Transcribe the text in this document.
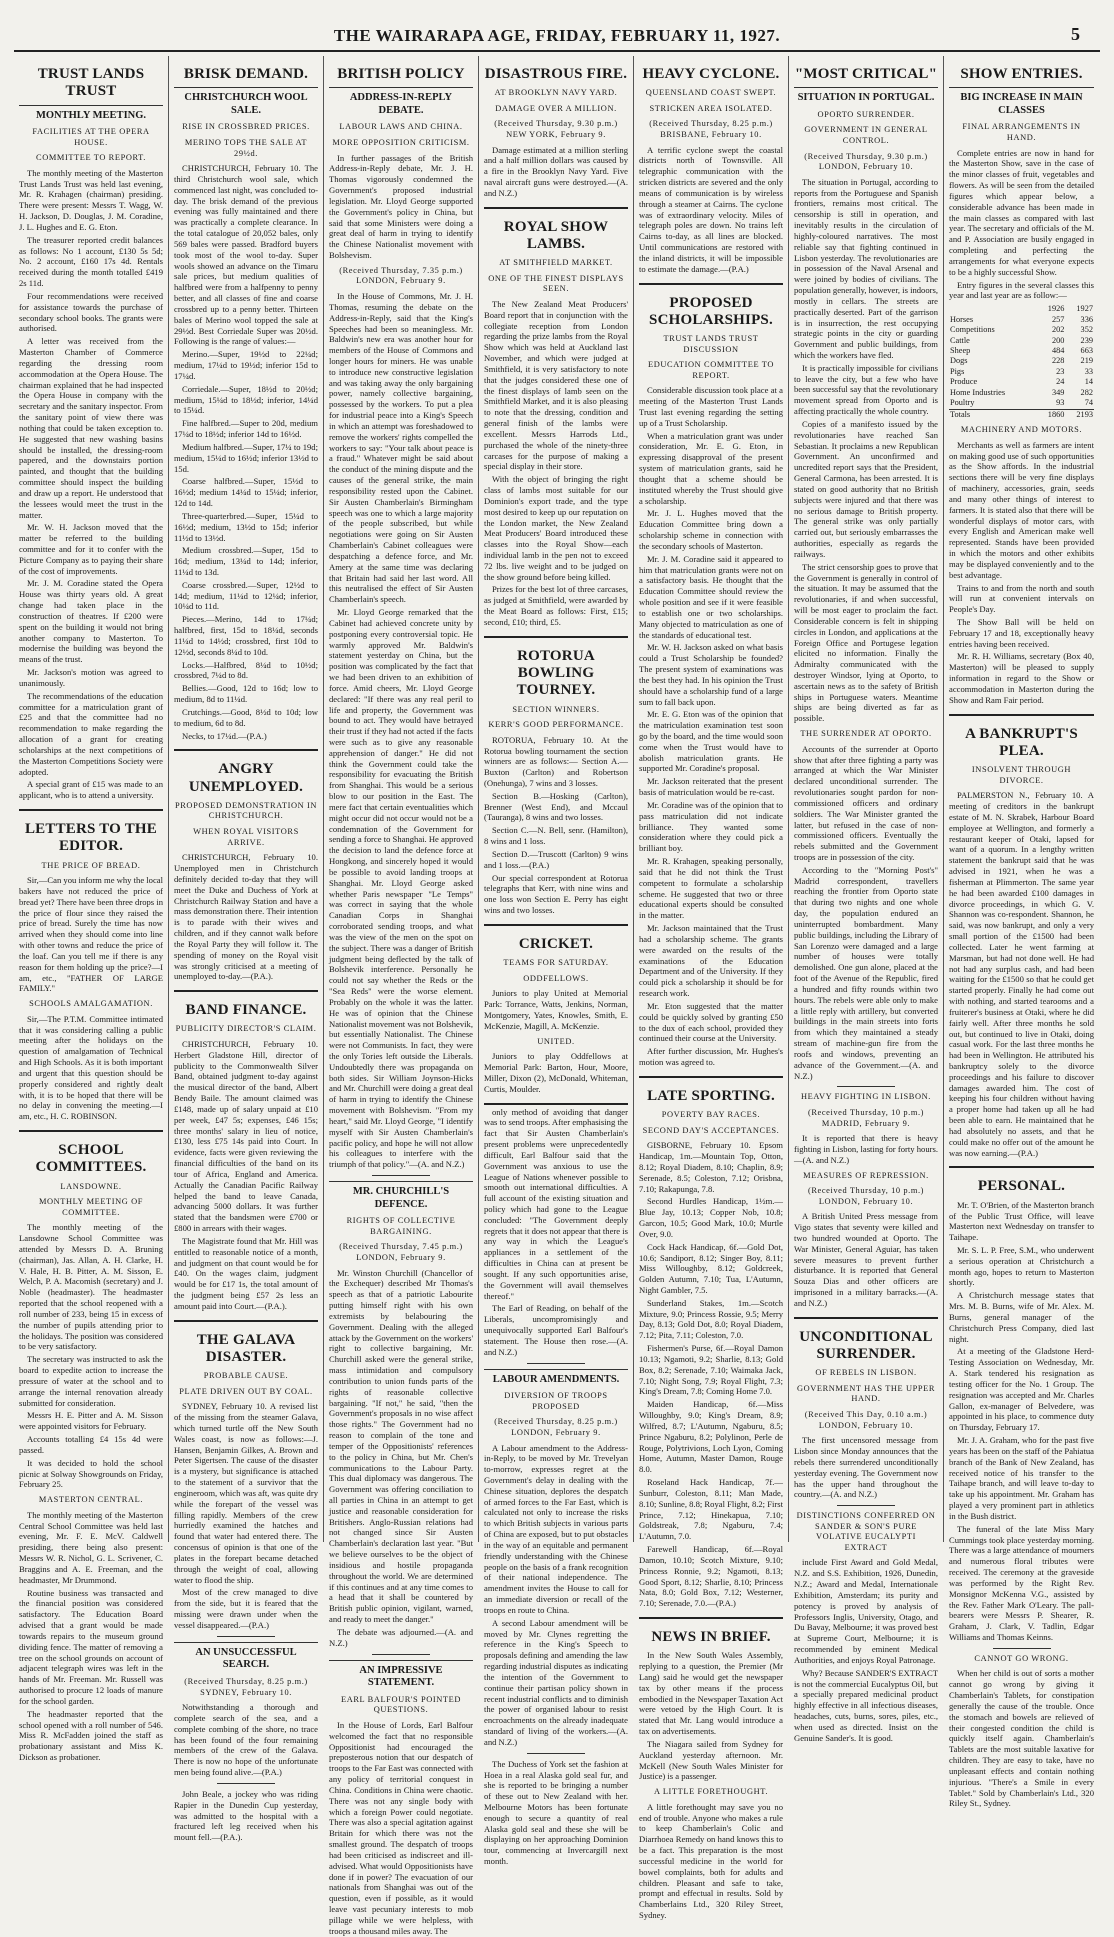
THE WAIRARAPA AGE, FRIDAY, FEBRUARY 11, 1927.	5
TRUST LANDS TRUST
MONTHLY MEETING.
FACILITIES AT THE OPERA HOUSE.
COMMITTEE TO REPORT.

The monthly meeting of the Masterton Trust Lands Trust was held last evening, Mr. R. Krahagen (chairman) presiding. There were present: Messrs T. Wagg, W. H. Jackson, D. Douglas, J. M. Coradine, J. L. Hughes and E. G. Eton.

The treasurer reported credit balances as follows: No 1 account, £130 5s 5d; No. 2 account, £160 17s 4d. Rentals received during the month totalled £419 2s 11d.

Four recommendations were received for assistance towards the purchase of secondary school books. The grants were authorised.

A letter was received from the Masterton Chamber of Commerce regarding the dressing room accommodation at the Opera House. The chairman explained that he had inspected the Opera House in company with the secretary and the sanitary inspector. From the sanitary point of view there was nothing that could be taken exception to. He suggested that new washing basins should be installed, the dressing-room papered, and the downstairs portion painted, and thought that the building committee should inspect the building and draw up a report. He understood that the lessees would meet the trust in the matter.

Mr. W. H. Jackson moved that the matter be referred to the building committee and for it to confer with the Picture Company as to paying their share of the cost of improvements.

Mr. J. M. Coradine stated the Opera House was thirty years old. A great change had taken place in the construction of theatres. If £200 were spent on the building it would not bring another company to Masterton. To modernise the building was beyond the means of the trust.

Mr. Jackson's motion was agreed to unanimously.

The recommendations of the education committee for a matriculation grant of £25 and that the committee had no recommendation to make regarding the allocation of a grant for creating scholarships at the next competitions of the Masterton Competitions Society were adopted.

A special grant of £15 was made to an applicant, who is to attend a university.

LETTERS TO THE EDITOR.
THE PRICE OF BREAD.

Sir,—Can you inform me why the local bakers have not reduced the price of bread yet? There have been three drops in the price of flour since they raised the price of bread. Surely the time has now arrived when they should come into line with other towns and reduce the price of the loaf. Can you tell me if there is any reason for them holding up the price?—I am, etc., "FATHER OF LARGE FAMILY."

SCHOOLS AMALGAMATION.

Sir,—The P.T.M. Committee intimated that it was considering calling a public meeting after the holidays on the question of amalgamation of Technical and High Schools. As it is both important and urgent that this question should be properly considered and rightly dealt with, it is to be hoped that there will be no delay in convening the meeting.—I am, etc., H. C. ROBINSON.

SCHOOL COMMITTEES.
LANSDOWNE.
MONTHLY MEETING OF COMMITTEE.

The monthly meeting of the Lansdowne School Committee was attended by Messrs D. A. Bruning (chairman), Jas. Allan, A. H. Clarke, H. V. Hale, H. B. Pitter, A. M. Sisson, E. Welch, P. A. Macomish (secretary) and J. Noble (headmaster). The headmaster reported that the school reopened with a roll number of 233, being 15 in excess of the number of pupils attending prior to the holidays. The position was considered to be very satisfactory.

The secretary was instructed to ask the board to expedite action to increase the pressure of water at the school and to arrange the internal renovation already submitted for consideration.

Messrs H. E. Pitter and A. M. Sisson were appointed visitors for February.

Accounts totalling £4 15s 4d were passed.

It was decided to hold the school picnic at Solway Showgrounds on Friday, February 25.

MASTERTON CENTRAL.

The monthly meeting of the Masterton Central School Committee was held last evening, Mr. F. E. McV. Caldwell presiding, there being also present: Messrs W. R. Nichol, G. L. Scrivener, C. Braggins and A. E. Freeman, and the headmaster, Mr Drummond.

Routine business was transacted and the financial position was considered satisfactory. The Education Board advised that a grant would be made towards repairs to the museum ground dividing fence. The matter of removing a tree on the school grounds on account of adjacent telegraph wires was left in the hands of Mr. Freeman. Mr. Russell was authorised to procure 12 loads of manure for the school garden.

The headmaster reported that the school opened with a roll number of 546. Miss R. McFadden joined the staff as probationary assistant and Miss K. Dickson as probationer.

BRISK DEMAND.
CHRISTCHURCH WOOL SALE.
RISE IN CROSSBRED PRICES.
MERINO TOPS THE SALE AT 29½d.

CHRISTCHURCH, February 10. The third Christchurch wool sale, which commenced last night, was concluded to-day. The brisk demand of the previous evening was fully maintained and there was practically a complete clearance. In the total catalogue of 20,052 bales, only 569 bales were passed. Bradford buyers took most of the wool to-day. Super wools showed an advance on the Timaru sale prices, but medium qualities of halfbred were from a halfpenny to penny better, and all classes of fine and coarse crossbred up to a penny better. Thirteen bales of Merino wool topped the sale at 29½d. Best Corriedale Super was 20½d. Following is the range of values:—

Merino.—Super, 19½d to 22¼d; medium, 17¼d to 19½d; inferior 15d to 17¼d.

Corriedale.—Super, 18½d to 20½d; medium, 15¼d to 18½d; inferior, 14¼d to 15¼d.

Fine halfbred.—Super to 20d, medium 17¼d to 18½d; inferior 14d to 16½d.

Medium halfbred.—Super, 17¼ to 19d; medium, 15¼d to 16½d; inferior 13½d to 15d.

Coarse halfbred.—Super, 15½d to 16½d; medium 14¼d to 15¼d; inferior, 12d to 14d.

Three-quarterbred.—Super, 15¼d to 16½d; medium, 13½d to 15d; inferior 11½d to 13½d.

Medium crossbred.—Super, 15d to 16d; medium, 13¼d to 14d; inferior, 11¼d to 13d.

Coarse crossbred.—Super, 12½d to 14d; medium, 11¼d to 12¼d; inferior, 10¼d to 11d.

Pieces.—Merino, 14d to 17¼d; halfbred, first, 15d to 18¼d, seconds 11¼d to 14½d; crossbred, first 10d to 12½d, seconds 8¼d to 10d.

Locks.—Halfbred, 8¼d to 10½d; crossbred, 7¼d to 8d.

Bellies.—Good, 12d to 16d; low to medium, 8d to 11¼d.

Crutchings.—Good, 8½d to 10d; low to medium, 6d to 8d.

Necks, to 17¼d.—(P.A.)

ANGRY UNEMPLOYED.
PROPOSED DEMONSTRATION IN CHRISTCHURCH.
WHEN ROYAL VISITORS ARRIVE.

CHRISTCHURCH, February 10. Unemployed men in Christchurch definitely decided to-day that they will meet the Duke and Duchess of York at Christchurch Railway Station and have a mass demonstration there. Their intention is to parade with their wives and children, and if they cannot walk before the Royal Party they will follow it. The spending of money on the Royal visit was strongly criticised at a meeting of unemployed to-day.—(P.A.).

BAND FINANCE.
PUBLICITY DIRECTOR'S CLAIM.

CHRISTCHURCH, February 10. Herbert Gladstone Hill, director of publicity to the Commonwealth Silver Band, obtained judgment to-day against the musical director of the band, Albert Bendy Baile. The amount claimed was £148, made up of salary unpaid at £10 per week, £47 5s; expenses, £46 15s; three months' salary in lieu of notice, £130, less £75 14s paid into Court. In evidence, facts were given reviewing the financial difficulties of the band on its tour of Africa, England and America. Actually the Canadian Pacific Railway helped the band to leave Canada, advancing 5000 dollars. It was further stated that the bandsmen were £700 or £800 in arrears with their wages.

The Magistrate found that Mr. Hill was entitled to reasonable notice of a month, and judgment on that count would be for £40. On the wages claim, judgment would be for £17 1s, the total amount of the judgment being £57 2s less an amount paid into Court.—(P.A.).

THE GALAVA DISASTER.
PROBABLE CAUSE.
PLATE DRIVEN OUT BY COAL.

SYDNEY, February 10. A revised list of the missing from the steamer Galava, which turned turtle off the New South Wales coast, is now as follows:—J. Hansen, Benjamin Gilkes, A. Brown and Peter Sigertsen. The cause of the disaster is a mystery, but significance is attached to the statement of a survivor that the engineroom, which was aft, was quite dry while the forepart of the vessel was filling rapidly. Members of the crew hurriedly examined the hatches and found that water had entered there. The concensus of opinion is that one of the plates in the forepart became detached through the weight of coal, allowing water to flood the ship.

Most of the crew managed to dive from the side, but it is feared that the missing were drawn under when the vessel disappeared.—(P.A.)

AN UNSUCCESSFUL SEARCH.
(Received Thursday, 8.25 p.m.) SYDNEY, February 10.

Notwithstanding a thorough and complete search of the sea, and a complete combing of the shore, no trace has been found of the four remaining members of the crew of the Galava. There is now no hope of the unfortunate men being found alive.—(P.A.)

John Beale, a jockey who was riding Rapier in the Dunedin Cup yesterday, was admitted to the hospital with a fractured left leg received when his mount fell.—(P.A.).

BRITISH POLICY
ADDRESS-IN-REPLY DEBATE.
LABOUR LAWS AND CHINA.
MORE OPPOSITION CRITICISM.

In further passages of the British Address-in-Reply debate, Mr. J. H. Thomas vigorously condemned the Government's proposed industrial legislation. Mr. Lloyd George supported the Government's policy in China, but said that some Ministers were doing a great deal of harm in trying to identify the Chinese Nationalist movement with Bolshevism.

(Received Thursday, 7.35 p.m.) LONDON, February 9.

In the House of Commons, Mr. J. H. Thomas, resuming the debate on the Address-in-Reply, said that the King's Speeches had been so meaningless. Mr. Baldwin's new era was another hour for members of the House of Commons and longer hours for miners. He was unable to introduce new constructive legislation and was taking away the only bargaining power, namely collective bargaining, possessed by the workers. To put a plea for industrial peace into a King's Speech in which an attempt was foreshadowed to remove the workers' rights compelled the workers to say: "Your talk about peace is a fraud." Whatever might be said about the conduct of the mining dispute and the causes of the general strike, the main responsibility rested upon the Cabinet. Sir Austen Chamberlain's Birmingham speech was one to which a large majority of the people subscribed, but while negotiations were going on Sir Austen Chamberlain's Cabinet colleagues were despatching a defence force, and Mr. Amery at the same time was declaring that Britain had said her last word. All this neutralised the effect of Sir Austen Chamberlain's speech.

Mr. Lloyd George remarked that the Cabinet had achieved concrete unity by postponing every controversial topic. He warmly approved Mr. Baldwin's statement yesterday on China, but the position was complicated by the fact that we had been driven to an exhibition of force. Amid cheers, Mr. Lloyd George declared: "If there was any real peril to life and property, the Government was bound to act. They would have betrayed their trust if they had not acted if the facts were such as to give any reasonable apprehension of danger." He did not think the Government could take the responsibility for evacuating the British from Shanghai. This would be a serious blow to our position in the East. The mere fact that certain eventualities which might occur did not occur would not be a condemnation of the Government for sending a force to Shanghai. He approved the decision to land the defence force at Hongkong, and sincerely hoped it would be possible to avoid landing troops at Shanghai. Mr. Lloyd George asked whether Paris newspaper "Le Temps" was correct in saying that the whole Canadian Corps in Shanghai corroborated sending troops, and what was the view of the men on the spot on the subject. There was a danger of British judgment being deflected by the talk of Bolshevik interference. Personally he could not say whether the Reds or the "Sea Reds" were the worse element. Probably on the whole it was the latter. He was of opinion that the Chinese Nationalist movement was not Bolshevik, but essentially Nationalist. The Chinese were not Communists. In fact, they were the only Tories left outside the Liberals. Undoubtedly there was propaganda on both sides. Sir William Joynson-Hicks and Mr. Churchill were doing a great deal of harm in trying to identify the Chinese movement with Bolshevism. "From my heart," said Mr. Lloyd George, "I identify myself with Sir Austen Chamberlain's pacific policy, and hope he will not allow his colleagues to interfere with the triumph of that policy."—(A. and N.Z.)

MR. CHURCHILL'S DEFENCE.
RIGHTS OF COLLECTIVE BARGAINING.
(Received Thursday, 7.45 p.m.) LONDON, February 9.

Mr. Winston Churchill (Chancellor of the Exchequer) described Mr Thomas's speech as that of a patriotic Labourite putting himself right with his own extremists by belabouring the Government. Dealing with the alleged attack by the Government on the workers' right to collective bargaining, Mr. Churchill asked were the general strike, mass intimidation and compulsory contribution to union funds parts of the rights of reasonable collective bargaining. "If not," he said, "then the Government's proposals in no wise affect those rights." The Government had no reason to complain of the tone and temper of the Oppositionists' references to the policy in China, but Mr. Chen's communications to the Labour Party. This dual diplomacy was dangerous. The Government was offering conciliation to all parties in China in an attempt to get justice and reasonable consideration for Britishers. Anglo-Russian relations had not changed since Sir Austen Chamberlain's declaration last year. "But we believe ourselves to be the object of insidious and hostile propaganda throughout the world. We are determined if this continues and at any time comes to a head that it shall be countered by British public opinion, vigilant, warned, and ready to meet the danger."

The debate was adjourned.—(A. and N.Z.)

AN IMPRESSIVE STATEMENT.
EARL BALFOUR'S POINTED QUESTIONS.

In the House of Lords, Earl Balfour welcomed the fact that no responsible Oppositionist had encouraged the preposterous notion that our despatch of troops to the Far East was connected with any policy of territorial conquest in China. Conditions in China were chaotic. There was not any single body with which a foreign Power could negotiate. There was also a special agitation against Britain for which there was not the smallest ground. The despatch of troops had been criticised as indiscreet and ill-advised. What would Oppositionists have done if in power? The evacuation of our nationals from Shanghai was out of the question, even if possible, as it would leave vast pecuniary interests to mob pillage while we were helpless, with troops a thousand miles away. The

DISASTROUS FIRE.
AT BROOKLYN NAVY YARD.
DAMAGE OVER A MILLION.
(Received Thursday, 9.30 p.m.) NEW YORK, February 9.

Damage estimated at a million sterling and a half million dollars was caused by a fire in the Brooklyn Navy Yard. Five naval aircraft guns were destroyed.—(A. and N.Z.)

ROYAL SHOW LAMBS.
AT SMITHFIELD MARKET.
ONE OF THE FINEST DISPLAYS SEEN.

The New Zealand Meat Producers' Board report that in conjunction with the collegiate reception from London regarding the prize lambs from the Royal Show which was held at Auckland last November, and which were judged at Smithfield, it is very satisfactory to note that the judges considered these one of the finest displays of lamb seen on the Smithfield Market, and it is also pleasing to note that the dressing, condition and general finish of the lambs were excellent. Messrs Harrods Ltd., purchased the whole of the ninety-three carcases for the purpose of making a special display in their store.

With the object of bringing the right class of lambs most suitable for our Dominion's export trade, and the type most desired to keep up our reputation on the London market, the New Zealand Meat Producers' Board introduced these classes into the Royal Show—each individual lamb in the pen not to exceed 72 lbs. live weight and to be judged on the show ground before being killed.

Prizes for the best lot of three carcases, as judged at Smithfield, were awarded by the Meat Board as follows: First, £15; second, £10; third, £5.

ROTORUA BOWLING TOURNEY.
SECTION WINNERS.
KERR'S GOOD PERFORMANCE.

ROTORUA, February 10. At the Rotorua bowling tournament the section winners are as follows:— Section A.—Buxton (Carlton) and Robertson (Onehunga), 7 wins and 3 losses.

Section B.—Hosking (Carlton), Brenner (West End), and Mccaul (Tauranga), 8 wins and two losses.

Section C.—N. Bell, senr. (Hamilton), 8 wins and 1 loss.

Section D.—Truscott (Carlton) 9 wins and 1 loss.—(P.A.)

Our special correspondent at Rotorua telegraphs that Kerr, with nine wins and one loss won Section E. Perry has eight wins and two losses.

CRICKET.
TEAMS FOR SATURDAY.
ODDFELLOWS.

Juniors to play United at Memorial Park: Torrance, Watts, Jenkins, Norman, Montgomery, Yates, Knowles, Smith, E. McKenzie, Magill, A. McKenzie.

UNITED.

Juniors to play Oddfellows at Memorial Park: Barton, Hour, Moore, Miller, Dixon (2), McDonald, Whiteman, Curtis, Moulder.

only method of avoiding that danger was to send troops. After emphasising the fact that Sir Austen Chamberlain's present problems were unprecedentedly difficult, Earl Balfour said that the Government was anxious to use the League of Nations whenever possible to smooth out international difficulties. A full account of the existing situation and policy which had gone to the League concluded: "The Government deeply regrets that it does not appear that there is any way in which the League's appliances in a settlement of the difficulties in China can at present be sought. If any such opportunities arise, the Government will avail themselves thereof."

The Earl of Reading, on behalf of the Liberals, uncompromisingly and unequivocally supported Earl Balfour's statement. The House then rose.—(A. and N.Z.)

LABOUR AMENDMENTS.
DIVERSION OF TROOPS PROPOSED
(Received Thursday, 8.25 p.m.) LONDON, February 9.

A Labour amendment to the Address-in-Reply, to be moved by Mr. Trevelyan to-morrow, expresses regret at the Government's delay in dealing with the Chinese situation, deplores the despatch of armed forces to the Far East, which is calculated not only to increase the risks to which British subjects in various parts of China are exposed, but to put obstacles in the way of an equitable and permanent friendly understanding with the Chinese people on the basis of a frank recognition of their national independence. The amendment invites the House to call for an immediate diversion or recall of the troops en route to China.

A second Labour amendment will be moved by Mr. Clynes regretting the reference in the King's Speech to proposals defining and amending the law regarding industrial disputes as indicating the intention of the Government to continue their partisan policy shown in recent industrial conflicts and to diminish the power of organised labour to resist encroachments on the already inadequate standard of living of the workers.—(A. and N.Z.)

The Duchess of York set the fashion at Hoea in a real Alaska gold seal fur, and she is reported to be bringing a number of these out to New Zealand with her. Melbourne Motors has been fortunate enough to secure a quantity of real Alaska gold seal and these she will be displaying on her approaching Dominion tour, commencing at Invercargill next month.

HEAVY CYCLONE.
QUEENSLAND COAST SWEPT.
STRICKEN AREA ISOLATED.
(Received Thursday, 8.25 p.m.) BRISBANE, February 10.

A terrific cyclone swept the coastal districts north of Townsville. All telegraphic communication with the stricken districts are severed and the only means of communication is by wireless through a steamer at Cairns. The cyclone was of extraordinary velocity. Miles of telegraph poles are down. No trains left Cairns to-day, as all lines are blocked. Until communications are restored with the inland districts, it will be impossible to estimate the damage.—(P.A.)

PROPOSED SCHOLARSHIPS.
TRUST LANDS TRUST DISCUSSION
EDUCATION COMMITTEE TO REPORT.

Considerable discussion took place at a meeting of the Masterton Trust Lands Trust last evening regarding the setting up of a Trust Scholarship.

When a matriculation grant was under consideration, Mr. E. G. Eton, in expressing disapproval of the present system of matriculation grants, said he thought that a scheme should be instituted whereby the Trust should give a scholarship.

Mr. J. L. Hughes moved that the Education Committee bring down a scholarship scheme in connection with the secondary schools of Masterton.

Mr. J. M. Coradine said it appeared to him that matriculation grants were not on a satisfactory basis. He thought that the Education Committee should review the whole position and see if it were feasible to establish one or two scholarships. Many objected to matriculation as one of the standards of educational test.

Mr. W. H. Jackson asked on what basis could a Trust Scholarship be founded? The present system of examinations was the best they had. In his opinion the Trust should have a scholarship fund of a large sum to fall back upon.

Mr. E. G. Eton was of the opinion that the matriculation examination test soon go by the board, and the time would soon come when the Trust would have to abolish matriculation grants. He supported Mr. Coradine's proposal.

Mr. Jackson reiterated that the present basis of matriculation would be re-cast.

Mr. Coradine was of the opinion that to pass matriculation did not indicate brilliance. They wanted some consideration where they could pick a brilliant boy.

Mr. R. Krahagen, speaking personally, said that he did not think the Trust competent to formulate a scholarship scheme. He suggested that two or three educational experts should be consulted in the matter.

Mr. Jackson maintained that the Trust had a scholarship scheme. The grants were awarded on the results of the examinations of the Education Department and of the University. If they could pick a scholarship it should be for research work.

Mr. Eton suggested that the matter could be quickly solved by granting £50 to the dux of each school, provided they continued their course at the University.

After further discussion, Mr. Hughes's motion was agreed to.

LATE SPORTING.
POVERTY BAY RACES.
SECOND DAY'S ACCEPTANCES.

GISBORNE, February 10. Epsom Handicap, 1m.—Mountain Top, Otton, 8.12; Royal Diadem, 8.10; Chaplin, 8.9; Serenade, 8.5; Coleston, 7.12; Orisbna, 7.10; Rakapunga, 7.8.

Second Hurdles Handicap, 1½m.—Blue Jay, 10.13; Copper Nob, 10.8; Garcon, 10.5; Good Mark, 10.0; Murtle Over, 9.0.

Cock Hack Handicap, 6f.—Gold Dot, 10.6; Sandiport, 8.12; Singer Boy, 8.11; Miss Willoughby, 8.12; Goldcreek, Golden Autumn, 7.10; Tua, L'Autumn, Night Gambler, 7.5.

Sunderland Stakes, 1m.—Scotch Mixture, 9.0; Princess Rossie, 9.5; Merry Day, 8.13; Gold Dot, 8.0; Royal Diadem, 7.12; Pita, 7.11; Coleston, 7.0.

Fishermen's Purse, 6f.—Royal Damon 10.13; Ngamoti, 9.2; Sharlie, 8.13; Gold Box, 8.2; Serenade, 7.10; Waimaka Jack, 7.10; Night Song, 7.9; Royal Flight, 7.3; King's Dream, 7.8; Coming Home 7.0.

Maiden Handicap, 6f.—Miss Willoughby, 9.0; King's Dream, 8.9; Wilfred, 8.7; L'Autumn, Ngaburu, 8.5; Prince Ngaburu, 8.2; Polylinon, Perle de Rouge, Polytrivions, Loch Lyon, Coming Home, Autumn, Master Damon, Rouge 8.0.

Roseland Hack Handicap, 7f.—Sunburr, Coleston, 8.11; Man Made, 8.10; Sunline, 8.8; Royal Flight, 8.2; First Prince, 7.12; Hinekapua, 7.10; Goldstreak, 7.8; Ngaburu, 7.4; L'Autumn, 7.0.

Farewell Handicap, 6f.—Royal Damon, 10.10; Scotch Mixture, 9.10; Princess Ronnie, 9.2; Ngamoti, 8.13; Good Sport, 8.12; Sharlie, 8.10; Princess Nata, 8.0; Gold Box, 7.12; Westerner, 7.10; Serenade, 7.0.—(P.A.)

NEWS IN BRIEF.

In the New South Wales Assembly, replying to a question, the Premier (Mr Lang) said he would get the newspaper tax by other means if the process embodied in the Newspaper Taxation Act were vetoed by the High Court. It is stated that Mr. Lang would introduce a tax on advertisements.

The Niagara sailed from Sydney for Auckland yesterday afternoon. Mr. McKell (New South Wales Minister for Justice) is a passenger.

A LITTLE FORETHOUGHT.

A little forethought may save you no end of trouble. Anyone who makes a rule to keep Chamberlain's Colic and Diarrhoea Remedy on hand knows this to be a fact. This preparation is the most successful medicine in the world for bowel complaints, both for adults and children. Pleasant and safe to take, prompt and effectual in results. Sold by Chamberlains Ltd., 320 Riley Street, Sydney.

"MOST CRITICAL"
SITUATION IN PORTUGAL.
OPORTO SURRENDER.
GOVERNMENT IN GENERAL CONTROL.
(Received Thursday, 9.30 p.m.) LONDON, February 10.

The situation in Portugal, according to reports from the Portuguese and Spanish frontiers, remains most critical. The censorship is still in operation, and inevitably results in the circulation of highly-coloured narratives. The most reliable say that fighting continued in Lisbon yesterday. The revolutionaries are in possession of the Naval Arsenal and were joined by bodies of civilians. The population generally, however, is indoors, mostly in cellars. The streets are practically deserted. Part of the garrison is in insurrection, the rest occupying strategic points in the city or guarding Government and public buildings, from which the workers have fled.

It is practically impossible for civilians to leave the city, but a few who have been successful say that the revolutionary movement spread from Oporto and is affecting practically the whole country.

Copies of a manifesto issued by the revolutionaries have reached San Sebastian. It proclaims a new Republican Government. An unconfirmed and uncredited report says that the President, General Carmona, has been arrested. It is stated on good authority that no British subjects were injured and that there was no serious damage to British property. The general strike was only partially carried out, but seriously embarrasses the authorities, especially as regards the railways.

The strict censorship goes to prove that the Government is generally in control of the situation. It may be assumed that the revolutionaries, if and when successful, will be most eager to proclaim the fact. Considerable concern is felt in shipping circles in London, and applications at the Foreign Office and Portugese legation elicited no information. Finally the Admiralty communicated with the destroyer Windsor, lying at Oporto, to ascertain news as to the safety of British ships in Portuguese waters. Meantime ships are being diverted as far as possible.

THE SURRENDER AT OPORTO.

Accounts of the surrender at Oporto show that after three fighting a party was arranged at which the War Minister declared unconditional surrender. The revolutionaries sought pardon for non-commissioned officers and ordinary soldiers. The War Minister granted the latter, but refused in the case of non-commissioned officers. Eventually the rebels submitted and the Government troops are in possession of the city.

According to the "Morning Post's" Madrid correspondent, travellers reaching the frontier from Oporto state that during two nights and one whole day, the population endured an uninterrupted bombardment. Many public buildings, including the Library of San Lorenzo were damaged and a large number of houses were totally demolished. One gun alone, placed at the foot of the Avenue of the Republic, fired a hundred and fifty rounds within two hours. The rebels were able only to make a little reply with artillery, but converted buildings in the main streets into forts from which they maintained a steady stream of machine-gun fire from the roofs and windows, preventing an advance of the Government.—(A. and N.Z.)

HEAVY FIGHTING IN LISBON.
(Received Thursday, 10 p.m.) MADRID, February 9.

It is reported that there is heavy fighting in Lisbon, lasting for forty hours.—(A. and N.Z.)

MEASURES OF REPRESSION.
(Received Thursday, 10 p.m.) LONDON, February 10.

A British United Press message from Vigo states that seventy were killed and two hundred wounded at Oporto. The War Minister, General Aguiar, has taken severe measures to prevent further disturbance. It is reported that General Souza Dias and other officers are imprisoned in a military barracks.—(A. and N.Z.)

UNCONDITIONAL SURRENDER.
OF REBELS IN LISBON.
GOVERNMENT HAS THE UPPER HAND.
(Received This Day, 0.10 a.m.) LONDON, February 10.

The first uncensored message from Lisbon since Monday announces that the rebels there surrendered unconditionally yesterday evening. The Government now has the upper hand throughout the country.—(A. and N.Z.)

DISTINCTIONS CONFERRED ON SANDER & SON'S PURE VOLATIVE EUCALYPTI EXTRACT

include First Award and Gold Medal, N.Z. and S.S. Exhibition, 1926, Dunedin, N.Z.; Award and Medal, Internationale Exhibition, Amsterdam; its purity and potency is proved by analysis of Professors Inglis, University, Otago, and Du Bavay, Melbourne; it was proved best at Supreme Court, Melbourne; it is recommended by eminent Medical Authorities, and enjoys Royal Patronage.

Why? Because SANDER'S EXTRACT is not the commercial Eucalyptus Oil, but a specially prepared medicinal product highly effective in all infectious diseases, headaches, cuts, burns, sores, piles, etc., when used as directed. Insist on the Genuine Sander's. It is good.

SHOW ENTRIES.
BIG INCREASE IN MAIN CLASSES
FINAL ARRANGEMENTS IN HAND.

Complete entries are now in hand for the Masterton Show, save in the case of the minor classes of fruit, vegetables and flowers. As will be seen from the detailed figures which appear below, a considerable advance has been made in the main classes as compared with last year. The secretary and officials of the M. and P. Association are busily engaged in completing and perfecting the arrangements for what everyone expects to be a highly successful Show.

Entry figures in the several classes this year and last year are as follow:—

	1926	1927
Horses	257	336
Competitions	202	352
Cattle	200	239
Sheep	484	663
Dogs	228	219
Pigs	23	33
Produce	24	14
Home Industries	349	282
Poultry	93	74
Totals	1860	2193
MACHINERY AND MOTORS.

Merchants as well as farmers are intent on making good use of such opportunities as the Show affords. In the industrial sections there will be very fine displays of machinery, accessories, grain, seeds and many other things of interest to farmers. It is stated also that there will be wonderful displays of motor cars, with every English and American make well represented. Stands have been provided in which the motors and other exhibits may be displayed conveniently and to the best advantage.

Trains to and from the north and south will run at convenient intervals on People's Day.

The Show Ball will be held on February 17 and 18, exceptionally heavy entries having been received.

Mr. R. H. Williams, secretary (Box 40, Masterton) will be pleased to supply information in regard to the Show or accommodation in Masterton during the Show and Ram Fair period.

A BANKRUPT'S PLEA.
INSOLVENT THROUGH DIVORCE.

PALMERSTON N., February 10. A meeting of creditors in the bankrupt estate of M. N. Skrabek, Harbour Board employee at Wellington, and formerly a restaurant keeper of Otaki, lapsed for want of a quorum. In a lengthy written statement the bankrupt said that he was advised in 1921, when he was a fisherman at Plimmerton. The same year he had been awarded £100 damages in divorce proceedings, in which G. V. Shannon was co-respondent. Shannon, he said, was now bankrupt, and only a very small portion of the £1500 had been collected. Later he went farming at Marsman, but had not done well. He had not had any surplus cash, and had been waiting for the £1500 so that he could get started properly. Finally he had come out with nothing, and started tearooms and a fruiterer's business at Otaki, where he did fairly well. After three months he sold out, but continued to live in Otaki, doing casual work. For the last three months he had been in Wellington. He attributed his bankruptcy solely to the divorce proceedings and his failure to discover damages awarded him. The cost of keeping his four children without having a proper home had taken up all he had been able to earn. He maintained that he had absolutely no assets, and that he could make no offer out of the amount he was now earning.—(P.A.)

PERSONAL.

Mr. T. O'Brien, of the Masterton branch of the Public Trust Office, will leave Masterton next Wednesday on transfer to Taihape.

Mr. S. L. P. Free, S.M., who underwent a serious operation at Christchurch a month ago, hopes to return to Masterton shortly.

A Christchurch message states that Mrs. M. B. Burns, wife of Mr. Alex. M. Burns, general manager of the Christchurch Press Company, died last night.

At a meeting of the Gladstone Herd-Testing Association on Wednesday, Mr. A. Stark tendered his resignation as testing officer for the No. 1 Group. The resignation was accepted and Mr. Charles Gallon, ex-manager of Belvedere, was appointed in his place, to commence duty on Thursday, February 17.

Mr. J. A. Graham, who for the past five years has been on the staff of the Pahiatua branch of the Bank of New Zealand, has received notice of his transfer to the Taihape branch, and will leave to-day to take up his appointment. Mr. Graham has played a very prominent part in athletics in the Bush district.

The funeral of the late Miss Mary Cummings took place yesterday morning. There was a large attendance of mourners and numerous floral tributes were received. The ceremony at the graveside was performed by the Right Rev. Monsignor McKenna V.G., assisted by the Rev. Father Mark O'Leary. The pall-bearers were Messrs P. Shearer, R. Graham, J. Clark, V. Tadlin, Edgar Williams and Thomas Keinns.

CANNOT GO WRONG.

When her child is out of sorts a mother cannot go wrong by giving it Chamberlain's Tablets, for constipation generally the cause of the trouble. Once the stomach and bowels are relieved of their congested condition the child is quickly itself again. Chamberlain's Tablets are the most suitable laxative for children. They are easy to take, have no unpleasant effects and contain nothing injurious. "There's a Smile in every Tablet." Sold by Chamberlain's Ltd., 320 Riley St., Sydney.
